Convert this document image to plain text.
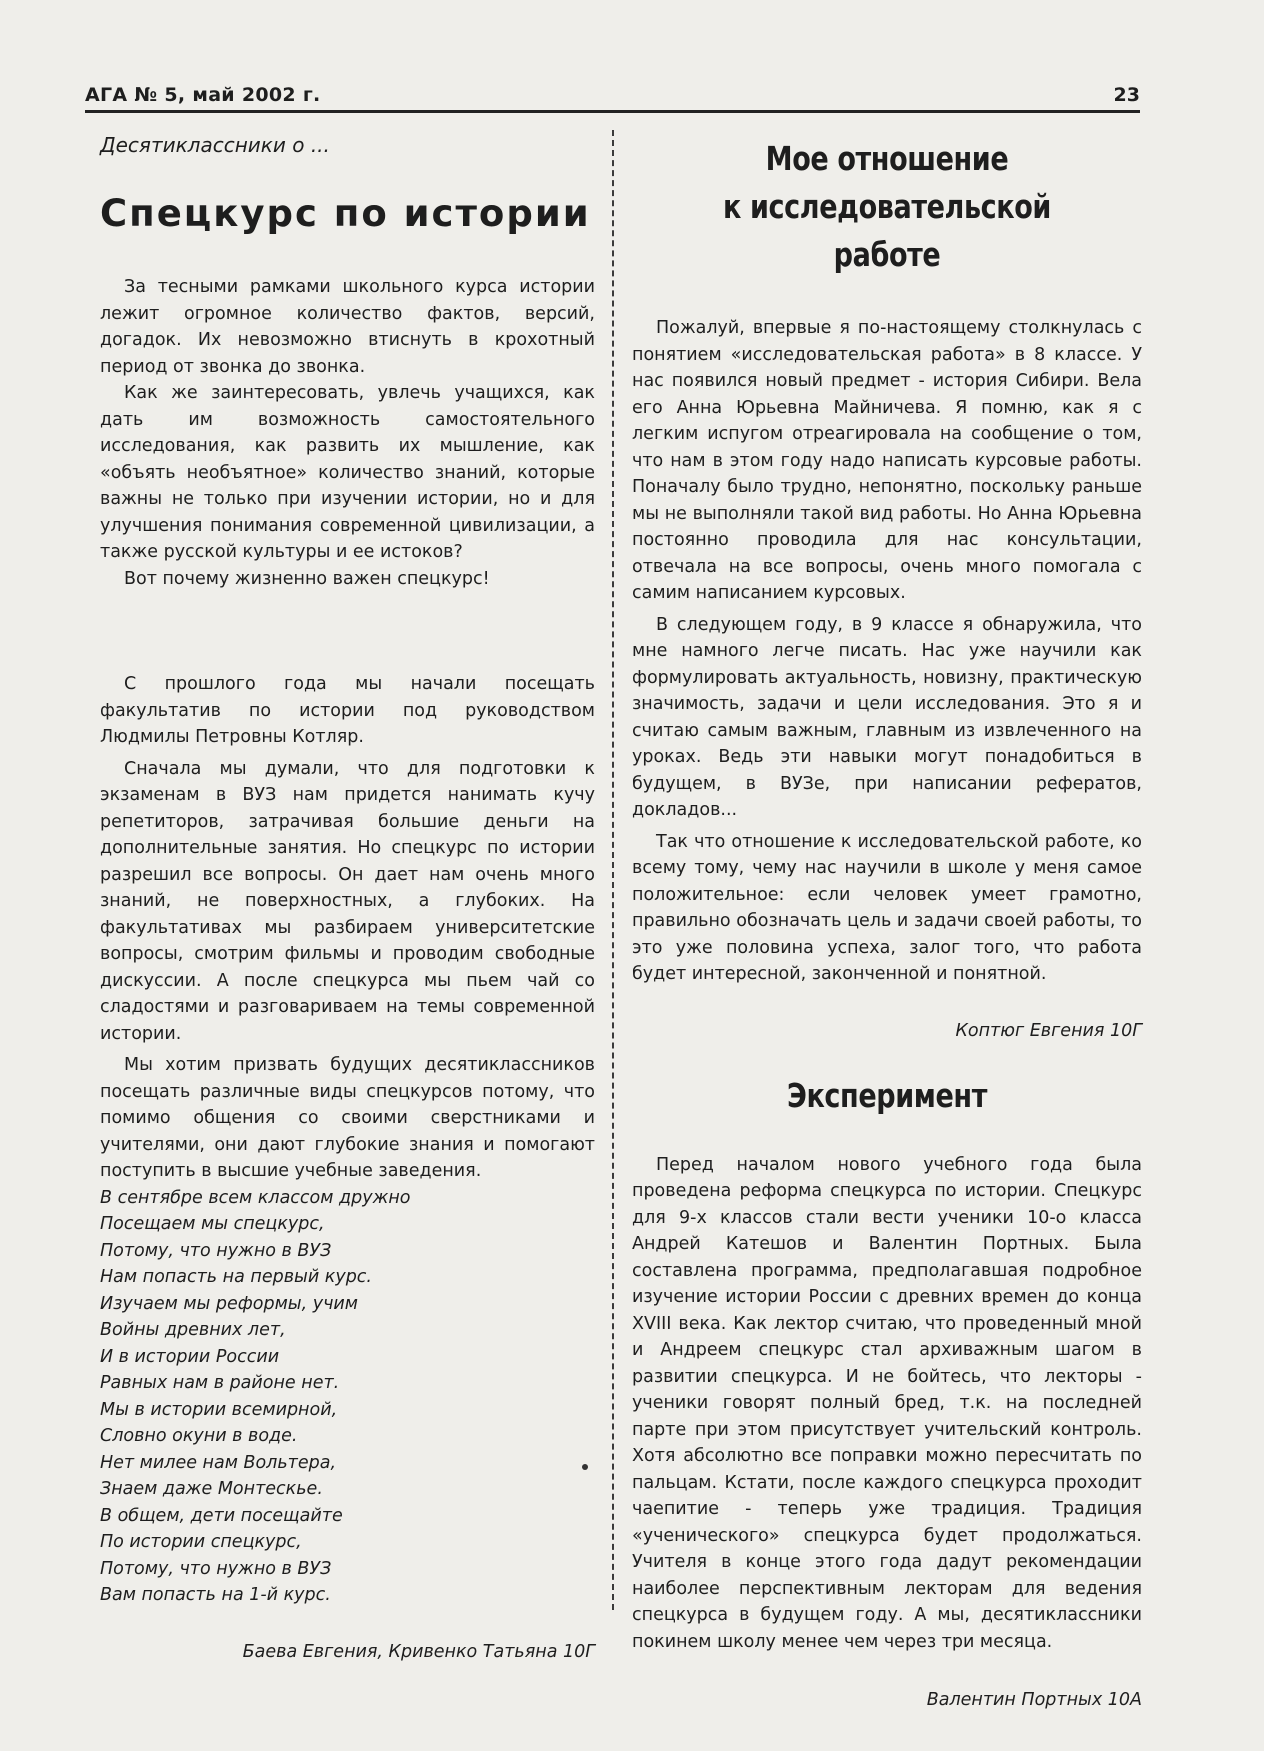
АГА № 5, май 2002 г.	23
Десятиклассники о ...
Спецкурс по истории

За тесными рамками школьного курса истории лежит огромное количество фактов, версий, догадок. Их невозможно втиснуть в крохотный период от звонка до звонка.

Как же заинтересовать, увлечь учащихся, как дать им возможность самостоятельного исследования, как развить их мышление, как «объять необъятное» количество знаний, которые важны не только при изучении истории, но и для улучшения понимания современной цивилизации, а также русской культуры и ее истоков?

Вот почему жизненно важен спецкурс!

С прошлого года мы начали посещать факультатив по истории под руководством Людмилы Петровны Котляр.

Сначала мы думали, что для подготовки к экзаменам в ВУЗ нам придется нанимать кучу репетиторов, затрачивая большие деньги на дополнительные занятия. Но спецкурс по истории разрешил все вопросы. Он дает нам очень много знаний, не поверхностных, а глубоких. На факультативах мы разбираем университетские вопросы, смотрим фильмы и проводим свободные дискуссии. А после спецкурса мы пьем чай со сладостями и разговариваем на темы современной истории.

Мы хотим призвать будущих десятиклассников посещать различные виды спецкурсов потому, что помимо общения со своими сверстниками и учителями, они дают глубокие знания и помогают поступить в высшие учебные заведения.

В сентябре всем классом дружно
Посещаем мы спецкурс,
Потому, что нужно в ВУЗ
Нам попасть на первый курс.
Изучаем мы реформы, учим
Войны древних лет,
И в истории России
Равных нам в районе нет.
Мы в истории всемирной,
Словно окуни в воде.
Нет милее нам Вольтера,
Знаем даже Монтескье.
В общем, дети посещайте
По истории спецкурс,
Потому, что нужно в ВУЗ
Вам попасть на 1-й курс.
Баева Евгения, Кривенко Татьяна 10Г
Мое отношение
к исследовательской работе

Пожалуй, впервые я по-настоящему столкнулась с понятием «исследовательская работа» в 8 классе. У нас появился новый предмет - история Сибири. Вела его Анна Юрьевна Майничева. Я помню, как я с легким испугом отреагировала на сообщение о том, что нам в этом году надо написать курсовые работы. Поначалу было трудно, непонятно, поскольку раньше мы не выполняли такой вид работы. Но Анна Юрьевна постоянно проводила для нас консультации, отвечала на все вопросы, очень много помогала с самим написанием курсовых.

В следующем году, в 9 классе я обнаружила, что мне намного легче писать. Нас уже научили как формулировать актуальность, новизну, практическую значимость, задачи и цели исследования. Это я и считаю самым важным, главным из извлеченного на уроках. Ведь эти навыки могут понадобиться в будущем, в ВУЗе, при написании рефератов, докладов...

Так что отношение к исследовательской работе, ко всему тому, чему нас научили в школе у меня самое положительное: если человек умеет грамотно, правильно обозначать цель и задачи своей работы, то это уже половина успеха, залог того, что работа будет интересной, законченной и понятной.

Коптюг Евгения 10Г
Эксперимент

Перед началом нового учебного года была проведена реформа спецкурса по истории. Спецкурс для 9-х классов стали вести ученики 10-о класса Андрей Катешов и Валентин Портных. Была составлена программа, предполагавшая подробное изучение истории России с древних времен до конца XVIII века. Как лектор считаю, что проведенный мной и Андреем спецкурс стал архиважным шагом в развитии спецкурса. И не бойтесь, что лекторы - ученики говорят полный бред, т.к. на последней парте при этом присутствует учительский контроль. Хотя абсолютно все поправки можно пересчитать по пальцам. Кстати, после каждого спецкурса проходит чаепитие - теперь уже традиция. Традиция «ученического» спецкурса будет продолжаться. Учителя в конце этого года дадут рекомендации наиболее перспективным лекторам для ведения спецкурса в будущем году. А мы, десятиклассники покинем школу менее чем через три месяца.

Валентин Портных 10А
